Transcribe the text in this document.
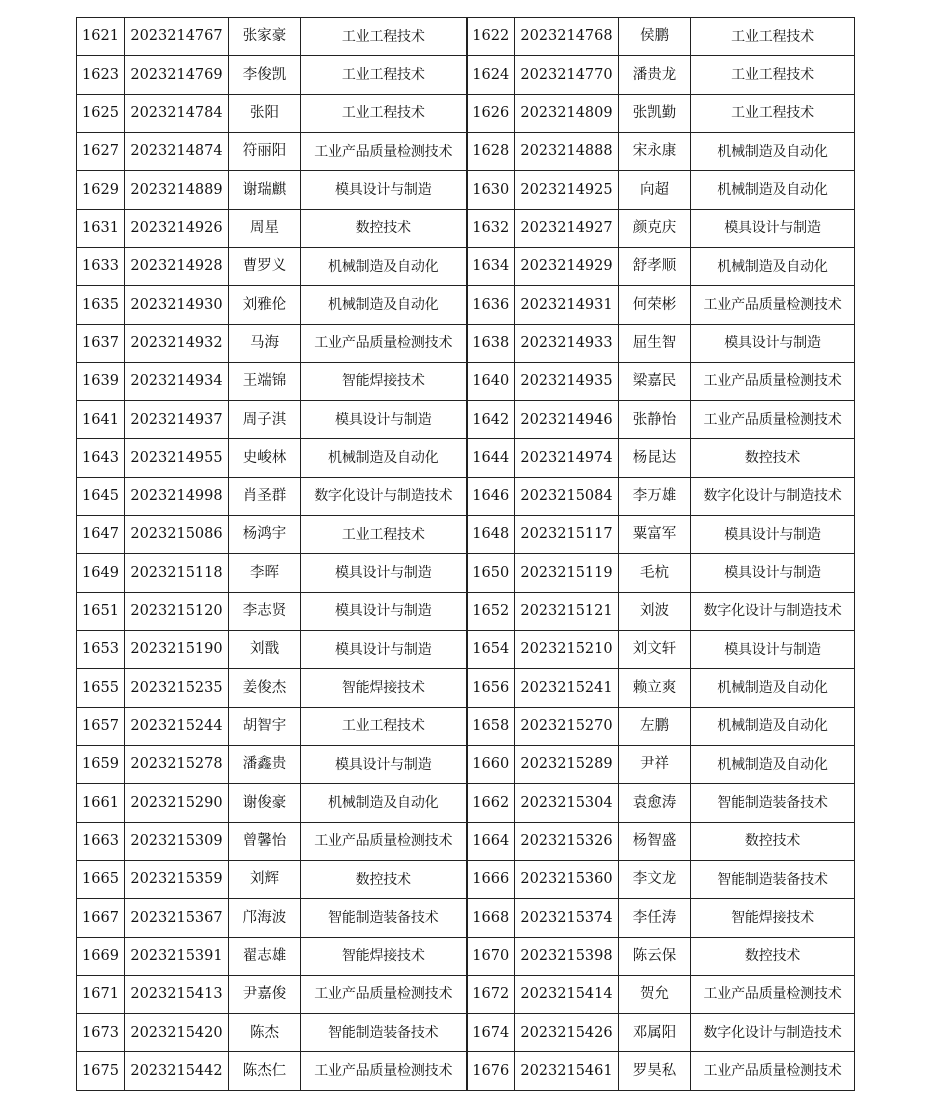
1621	2023214767	张家豪	工业工程技术	1622	2023214768	侯鹏	工业工程技术
1623	2023214769	李俊凯	工业工程技术	1624	2023214770	潘贵龙	工业工程技术
1625	2023214784	张阳	工业工程技术	1626	2023214809	张凯勤	工业工程技术
1627	2023214874	符丽阳	工业产品质量检测技术	1628	2023214888	宋永康	机械制造及自动化
1629	2023214889	谢瑞麒	模具设计与制造	1630	2023214925	向超	机械制造及自动化
1631	2023214926	周星	数控技术	1632	2023214927	颜克庆	模具设计与制造
1633	2023214928	曹罗义	机械制造及自动化	1634	2023214929	舒孝顺	机械制造及自动化
1635	2023214930	刘雅伦	机械制造及自动化	1636	2023214931	何荣彬	工业产品质量检测技术
1637	2023214932	马海	工业产品质量检测技术	1638	2023214933	屈生智	模具设计与制造
1639	2023214934	王端锦	智能焊接技术	1640	2023214935	梁嘉民	工业产品质量检测技术
1641	2023214937	周子淇	模具设计与制造	1642	2023214946	张静怡	工业产品质量检测技术
1643	2023214955	史峻林	机械制造及自动化	1644	2023214974	杨昆达	数控技术
1645	2023214998	肖圣群	数字化设计与制造技术	1646	2023215084	李万雄	数字化设计与制造技术
1647	2023215086	杨鸿宇	工业工程技术	1648	2023215117	粟富军	模具设计与制造
1649	2023215118	李晖	模具设计与制造	1650	2023215119	毛杭	模具设计与制造
1651	2023215120	李志贤	模具设计与制造	1652	2023215121	刘波	数字化设计与制造技术
1653	2023215190	刘戬	模具设计与制造	1654	2023215210	刘文轩	模具设计与制造
1655	2023215235	姜俊杰	智能焊接技术	1656	2023215241	赖立爽	机械制造及自动化
1657	2023215244	胡智宇	工业工程技术	1658	2023215270	左鹏	机械制造及自动化
1659	2023215278	潘鑫贵	模具设计与制造	1660	2023215289	尹祥	机械制造及自动化
1661	2023215290	谢俊豪	机械制造及自动化	1662	2023215304	袁愈涛	智能制造装备技术
1663	2023215309	曾馨怡	工业产品质量检测技术	1664	2023215326	杨智盛	数控技术
1665	2023215359	刘辉	数控技术	1666	2023215360	李文龙	智能制造装备技术
1667	2023215367	邝海波	智能制造装备技术	1668	2023215374	李任涛	智能焊接技术
1669	2023215391	翟志雄	智能焊接技术	1670	2023215398	陈云保	数控技术
1671	2023215413	尹嘉俊	工业产品质量检测技术	1672	2023215414	贺允	工业产品质量检测技术
1673	2023215420	陈杰	智能制造装备技术	1674	2023215426	邓属阳	数字化设计与制造技术
1675	2023215442	陈杰仁	工业产品质量检测技术	1676	2023215461	罗昊私	工业产品质量检测技术
